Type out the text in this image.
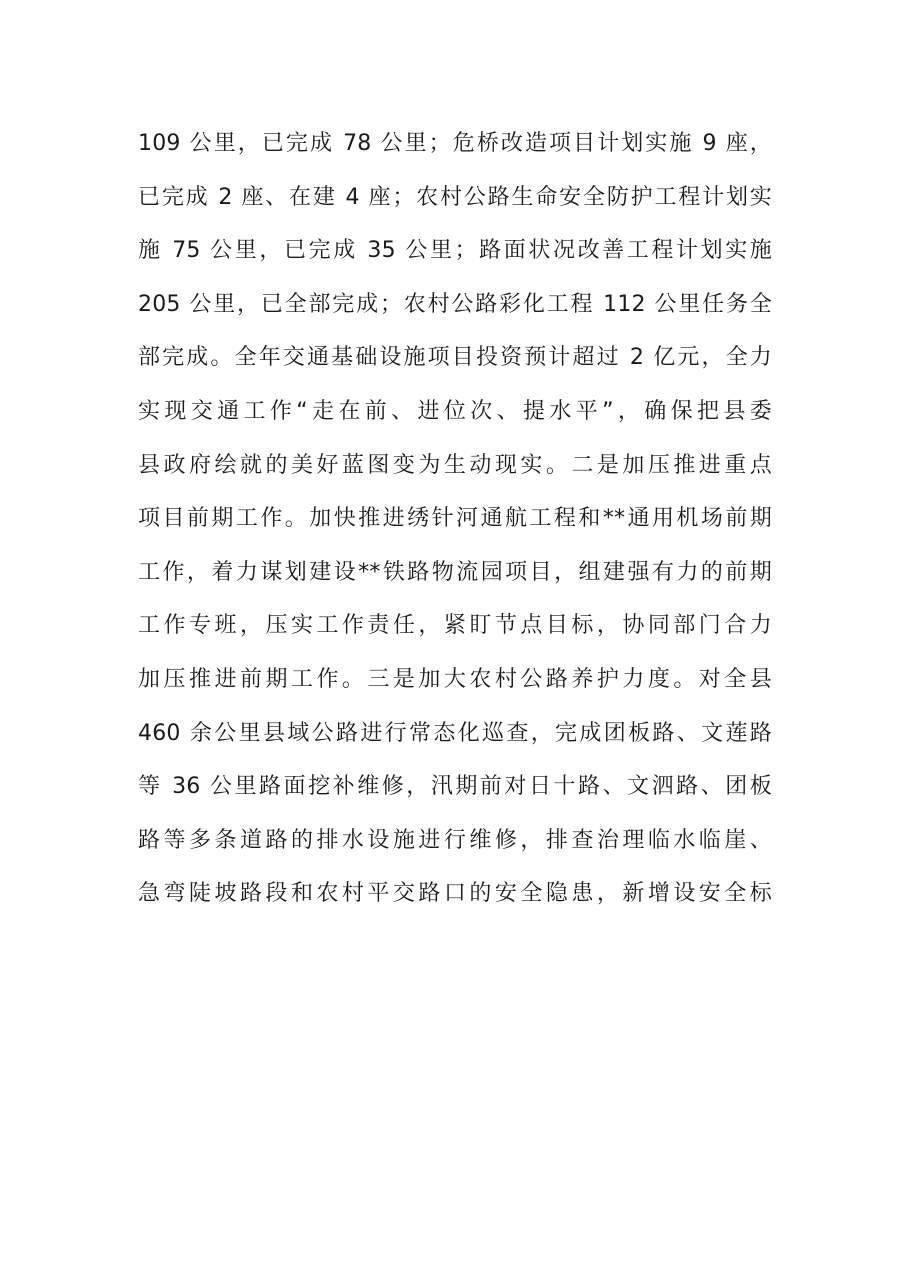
109 公里，已完成 78 公里；危桥改造项目计划实施 9 座，
已完成 2 座、在建 4 座；农村公路生命安全防护工程计划实
施 75 公里，已完成 35 公里；路面状况改善工程计划实施
205 公里，已全部完成；农村公路彩化工程 112 公里任务全
部完成。全年交通基础设施项目投资预计超过 2 亿元，全力
实现交通工作“走在前、进位次、提水平”，确保把县委
县政府绘就的美好蓝图变为生动现实。二是加压推进重点
项目前期工作。加快推进绣针河通航工程和**通用机场前期
工作，着力谋划建设**铁路物流园项目，组建强有力的前期
工作专班，压实工作责任，紧盯节点目标，协同部门合力
加压推进前期工作。三是加大农村公路养护力度。对全县
460 余公里县域公路进行常态化巡查，完成团板路、文莲路
等 36 公里路面挖补维修，汛期前对日十路、文泗路、团板
路等多条道路的排水设施进行维修，排查治理临水临崖、
急弯陡坡路段和农村平交路口的安全隐患，新增设安全标
